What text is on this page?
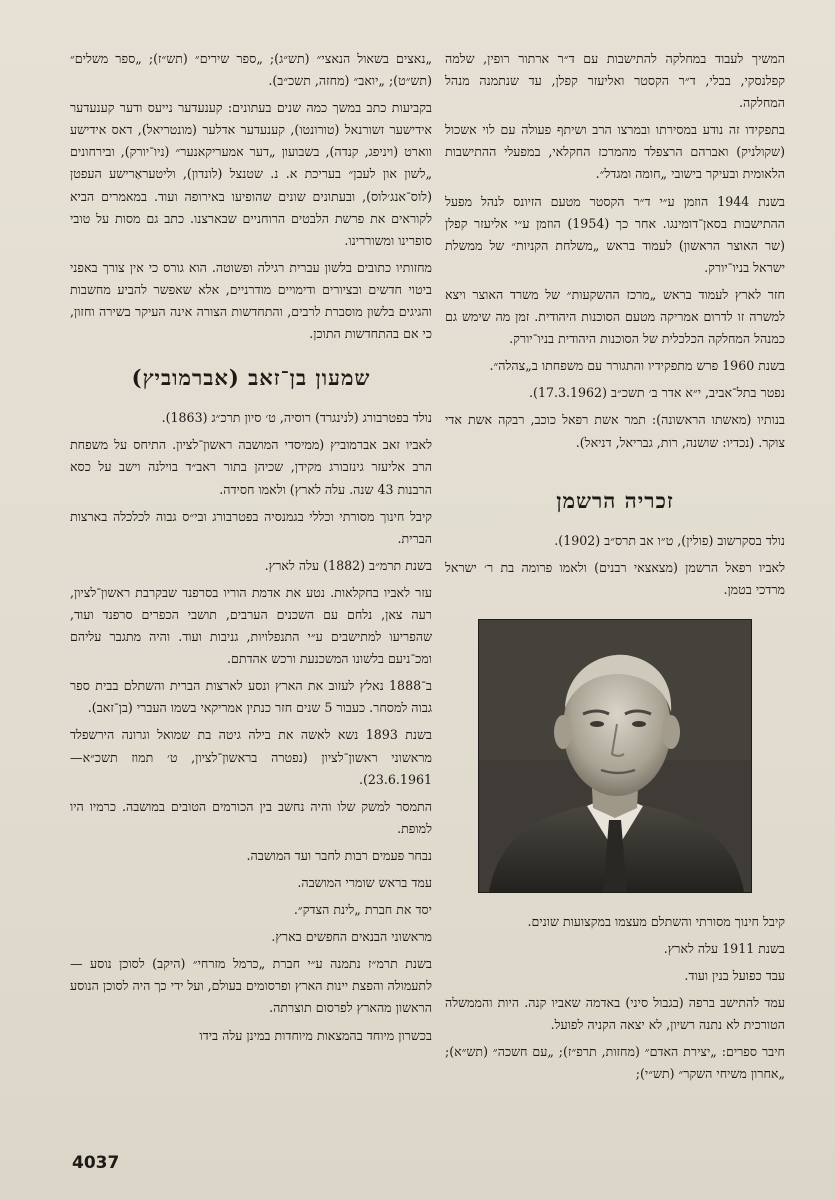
המשיך לעבוד במחלקה להתישבות עם ד״ר ארתור רופין, שלמה קפלנסקי, בבלי, ד״ר הקסטר ואליעזר קפלן, עד שנתמנה מנהל המחלקה.

בתפקידו זה נודע במסירתו ובמרצו הרב ושיתף פעולה עם לוי אשכול (שקולניק) ואברהם הרצפלד מהמרכז החקלאי, במפעלי ההתישבות הלאומית ובעיקר בישובי „חומה ומגדל״.

בשנת 1944 הוזמן ע״י ד״ר הקסטר מטעם הזיונס לנהל מפעל ההתישבות בסאן־דומינגו. אחר כך (1954) הוזמן ע״י אליעזר קפלן (שר האוצר הראשון) לעמוד בראש „משלחת הקניות״ של ממשלת ישראל בניו־יורק.

חזר לארץ לעמוד בראש „מרכז ההשקעות״ של משרד האוצר ויצא למשרה זו לדרום אמריקה מטעם הסוכנות היהודית. זמן מה שימש גם כמנהל המחלקה הכלכלית של הסוכנות היהודית בניו־יורק.

בשנת 1960 פרש מתפקידיו והתגורר עם משפחתו ב„צהלה״.

נפטר בתל־אביב, י״א אדר ב׳ תשכ״ב (17.3.1962).

בנותיו (מאשתו הראשונה): תמר אשת רפאל כוכב, רבקה אשת אדי צוקר. (נכדיו: שושנה, רות, גבריאל, דניאל).

זכריה הרשמן

נולד בסקרשוב (פולין), ט״ו אב תרס״ב (1902).

לאביו רפאל הרשמן (מצאצאי רבנים) ולאמו פרומה בת ר׳ ישראל מרדכי בטמן.

קיבל חינוך מסורתי והשתלם מעצמו במקצועות שונים.

בשנת 1911 עלה לארץ.

עבד כפועל בנין ועוד.

עמד להתישב ברפה (בגבול סיני) באדמה שאביו קנה. היות והממשלה הטורכית לא נתנה רשיון, לא יצאה הקניה לפועל.

חיבר ספרים: „יצירת האדם״ (מחזות, תרפ״ז); „עם חשכה״ (תש״א); „אחרון משיחי השקר״ (תש״י);

„נאצים בשאול הנאצי״ (תש״ג); „ספר שירים״ (תש״ז); „ספר משלים״ (תש״ט); „יואב״ (מחזה, תשכ״ב).

בקביעות כתב במשך כמה שנים בעתונים: קענעדער נייעס ודער קענעדער אידישער זשורנאל (טורונטו), קענעדער אדלער (מונטריאל), דאס אידישע ווארט (ויניפג, קנדה), בשבועון „דער אמעריקאנער״ (ניו־יורק), ובירחונים „לשון און לעבן״ בעריכת א. נ. שטנצל (לונדון), וליטעראַרישע העפטן (לוס־אנג׳לוס), ובעתונים שונים שהופיעו באירופה ועוד. במאמרים הביא לקוראים את פרשת הלבטים הרוחניים שבארצנו. כתב גם מסות על טובי סופרינו ומשוררינו.

מחזותיו כתובים בלשון עברית רגילה ופשוטה. הוא גורס כי אין צורך באפני ביטוי חדשים ובציורים ודימויים מודרניים, אלא שאפשר להביע מחשבות והגיגים בלשון מוסברת לרבים, והתחדשות הצורה אינה העיקר בשירה וחזון, כי אם בהתחדשות התוכן.

שמעון בן־זאב (אברמוביץ)

נולד בפטרבורג (לנינגרד) רוסיה, ט׳ סיון תרכ״ג (1863).

לאביו זאב אברמוביץ (ממיסדי המושבה ראשון־לציון. התיחס על משפחת הרב אליעזר גינזבורג מקידן, שכיהן בתור ראב״ד בוילנה וישב על כסא הרבנות 43 שנה. עלה לארץ) ולאמו חסידה.

קיבל חינוך מסורתי וכללי בגמנסיה בפטרבורג ובי״ס גבוה לכלכלה בארצות הברית.

בשנת תרמ״ב (1882) עלה לארץ.

עזר לאביו בחקלאות. נטע את אדמת הוריו בסרפנד שבקרבת ראשון־לציון, רעה צאן, נלחם עם השכנים הערבים, תושבי הכפרים סרפנד ועוד, שהפריעו למתישבים ע״י התנפלויות, גניבות ועוד. והיה מתגבר עליהם ומכ־ניעם בלשונו המשכנעת ורכש אהדתם.

ב־1888 נאלץ לעזוב את הארץ ונסע לארצות הברית והשתלם בבית ספר גבוה למסחר. כעבור 5 שנים חזר כנתין אמריקאי בשמו העברי (בן־זאב).

בשנת 1893 נשא לאשה את בילה גיטה בת שמואל וגרונה הירשפלד מראשוני ראשון־לציון (נפטרה בראשון־לציון, ט׳ תמוז תשכ״א—23.6.1961).

התמסר למשק שלו והיה נחשב בין הכורמים הטובים במושבה. כרמיו היו למופת.

נבחר פעמים רבות לחבר ועד המושבה.

עמד בראש שומרי המושבה.

יסד את חברת „לינת הצדק״.

מראשוני הבנאים החפשים בארץ.

בשנת תרמ״ז נתמנה ע״י חברת „כרמל מזרחי״ (היקב) לסוכן נוסע — לתעמולה והפצת יינות הארץ ופרסומים בעולם, ועל ידי כך היה לסוכן הנוסע הראשון מהארץ לפרסום תוצרתה.

בכשרון מיוחד בהמצאות מיוחדות במינן עלה בידו

4037
